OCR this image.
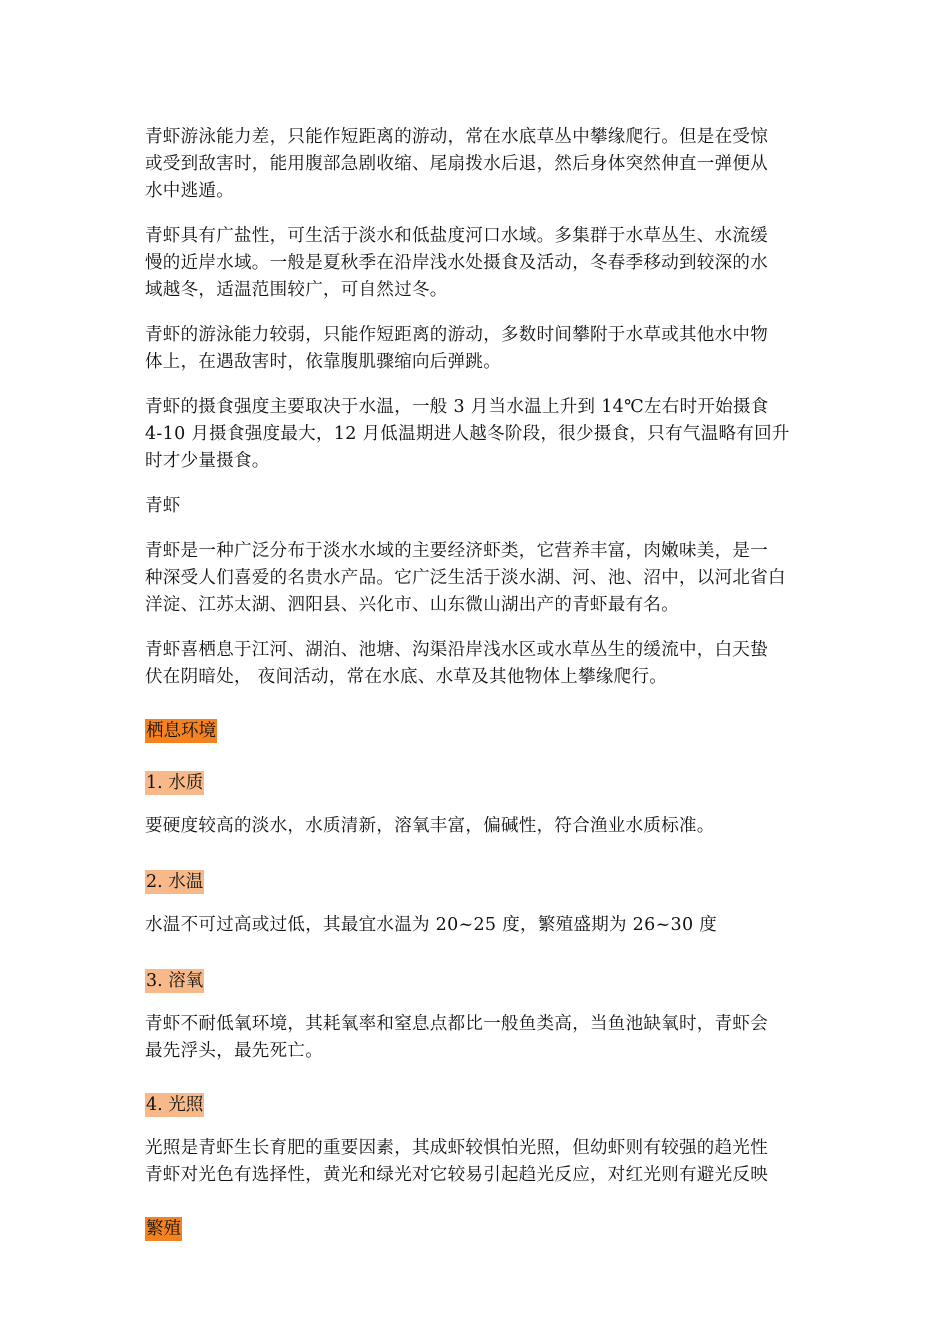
青虾游泳能力差，只能作短距离的游动，常在水底草丛中攀缘爬行。但是在受惊
或受到敌害时，能用腹部急剧收缩、尾扇拨水后退，然后身体突然伸直一弹便从
水中逃遁。
青虾具有广盐性，可生活于淡水和低盐度河口水域。多集群于水草丛生、水流缓
慢的近岸水域。一般是夏秋季在沿岸浅水处摄食及活动，冬春季移动到较深的水
域越冬，适温范围较广，可自然过冬。
青虾的游泳能力较弱，只能作短距离的游动，多数时间攀附于水草或其他水中物
体上，在遇敌害时，依靠腹肌骤缩向后弹跳。
青虾的摄食强度主要取决于水温，一般 3 月当水温上升到 14℃左右时开始摄食
4-10 月摄食强度最大，12 月低温期进人越冬阶段，很少摄食，只有气温略有回升
时才少量摄食。
青虾
青虾是一种广泛分布于淡水水域的主要经济虾类，它营养丰富，肉嫩味美，是一
种深受人们喜爱的名贵水产品。它广泛生活于淡水湖、河、池、沼中，以河北省白
洋淀、江苏太湖、泗阳县、兴化市、山东微山湖出产的青虾最有名。
青虾喜栖息于江河、湖泊、池塘、沟渠沿岸浅水区或水草丛生的缓流中，白天蛰
伏在阴暗处， 夜间活动，常在水底、水草及其他物体上攀缘爬行。
栖息环境
1. 水质
要硬度较高的淡水，水质清新，溶氧丰富，偏碱性，符合渔业水质标准。
2. 水温
水温不可过高或过低，其最宜水温为 20~25 度，繁殖盛期为 26~30 度
3. 溶氧
青虾不耐低氧环境，其耗氧率和窒息点都比一般鱼类高，当鱼池缺氧时，青虾会
最先浮头，最先死亡。
4. 光照
光照是青虾生长育肥的重要因素，其成虾较惧怕光照，但幼虾则有较强的趋光性
青虾对光色有选择性，黄光和绿光对它较易引起趋光反应，对红光则有避光反映
繁殖
